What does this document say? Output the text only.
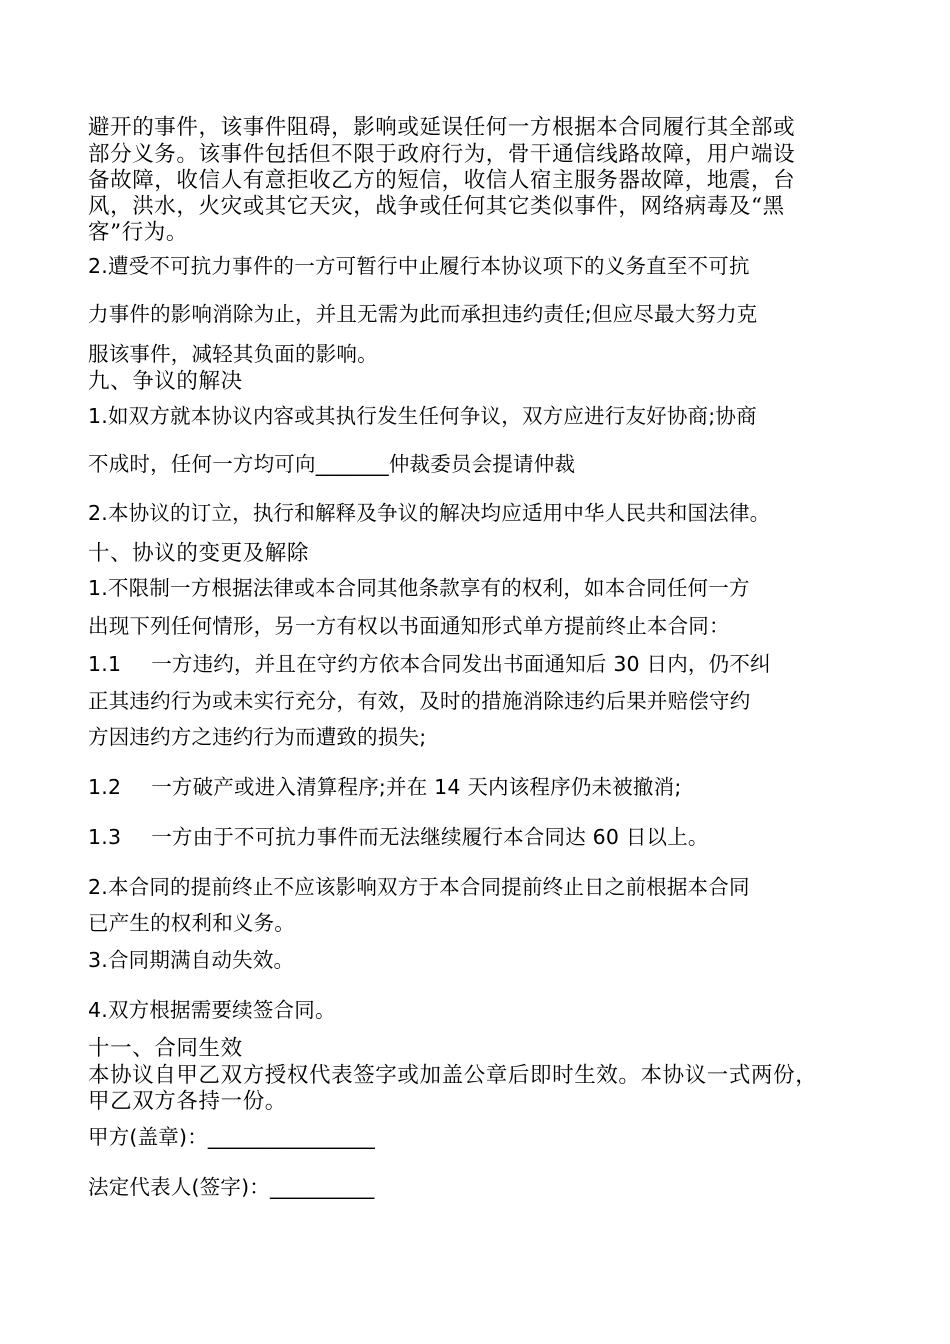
避开的事件，该事件阻碍，影响或延误任何一方根据本合同履行其全部或
部分义务。该事件包括但不限于政府行为，骨干通信线路故障，用户端设
备故障，收信人有意拒收乙方的短信，收信人宿主服务器故障，地震，台
风，洪水，火灾或其它天灾，战争或任何其它类似事件，网络病毒及“黑
客”行为。
2.遭受不可抗力事件的一方可暂行中止履行本协议项下的义务直至不可抗
力事件的影响消除为止，并且无需为此而承担违约责任;但应尽最大努力克
服该事件，减轻其负面的影响。
九、争议的解决
1.如双方就本协议内容或其执行发生任何争议，双方应进行友好协商;协商
不成时，任何一方均可向_______仲裁委员会提请仲裁
2.本协议的订立，执行和解释及争议的解决均应适用中华人民共和国法律。
十、协议的变更及解除
1.不限制一方根据法律或本合同其他条款享有的权利，如本合同任何一方
出现下列任何情形，另一方有权以书面通知形式单方提前终止本合同：
1.1 一方违约，并且在守约方依本合同发出书面通知后 30 日内，仍不纠
正其违约行为或未实行充分，有效，及时的措施消除违约后果并赔偿守约
方因违约方之违约行为而遭致的损失;
1.2 一方破产或进入清算程序;并在 14 天内该程序仍未被撤消;
1.3 一方由于不可抗力事件而无法继续履行本合同达 60 日以上。
2.本合同的提前终止不应该影响双方于本合同提前终止日之前根据本合同
已产生的权利和义务。
3.合同期满自动失效。
4.双方根据需要续签合同。
十一、合同生效
本协议自甲乙双方授权代表签字或加盖公章后即时生效。本协议一式两份，
甲乙双方各持一份。
甲方(盖章)：________________
法定代表人(签字)：__________
